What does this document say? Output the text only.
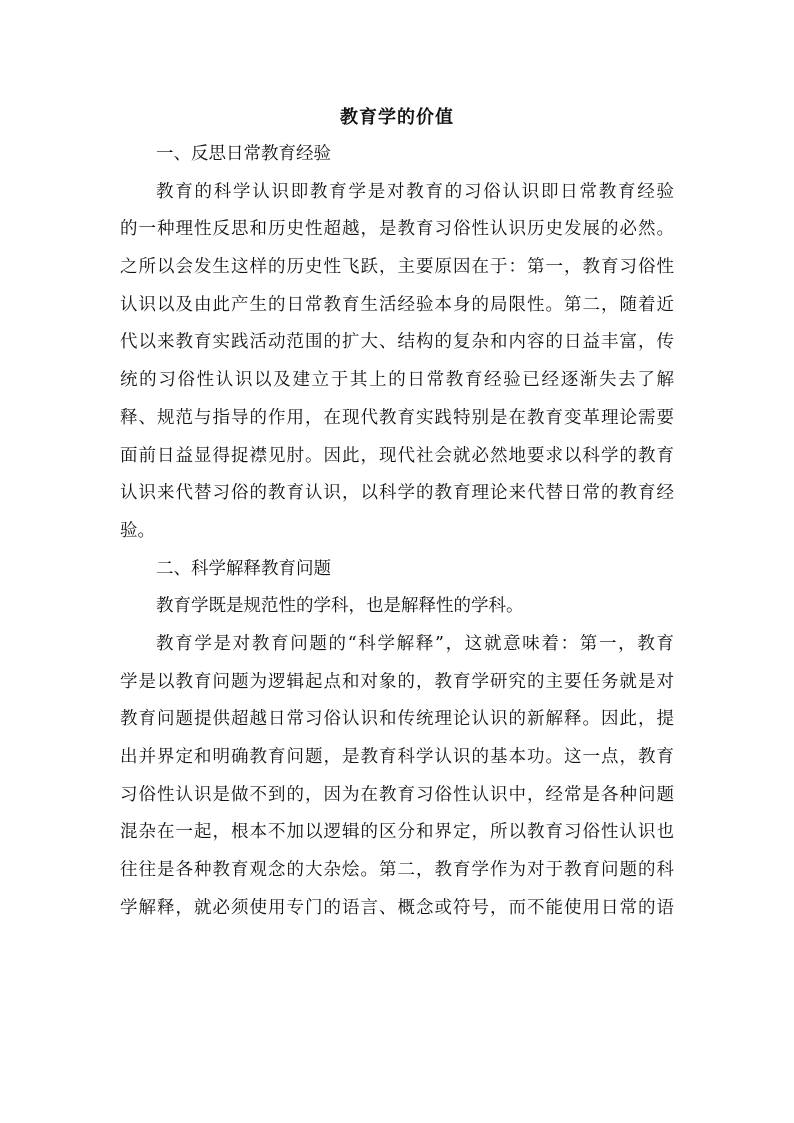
教育学的价值

一、反思日常教育经验

教育的科学认识即教育学是对教育的习俗认识即日常教育经验

的一种理性反思和历史性超越，是教育习俗性认识历史发展的必然。

之所以会发生这样的历史性飞跃，主要原因在于：第一，教育习俗性

认识以及由此产生的日常教育生活经验本身的局限性。第二，随着近

代以来教育实践活动范围的扩大、结构的复杂和内容的日益丰富，传

统的习俗性认识以及建立于其上的日常教育经验已经逐渐失去了解

释、规范与指导的作用，在现代教育实践特别是在教育变革理论需要

面前日益显得捉襟见肘。因此，现代社会就必然地要求以科学的教育

认识来代替习俗的教育认识，以科学的教育理论来代替日常的教育经

验。

二、科学解释教育问题

教育学既是规范性的学科，也是解释性的学科。

教育学是对教育问题的“科学解释”，这就意味着：第一，教育

学是以教育问题为逻辑起点和对象的，教育学研究的主要任务就是对

教育问题提供超越日常习俗认识和传统理论认识的新解释。因此，提

出并界定和明确教育问题，是教育科学认识的基本功。这一点，教育

习俗性认识是做不到的，因为在教育习俗性认识中，经常是各种问题

混杂在一起，根本不加以逻辑的区分和界定，所以教育习俗性认识也

往往是各种教育观念的大杂烩。第二，教育学作为对于教育问题的科

学解释，就必须使用专门的语言、概念或符号，而不能使用日常的语
